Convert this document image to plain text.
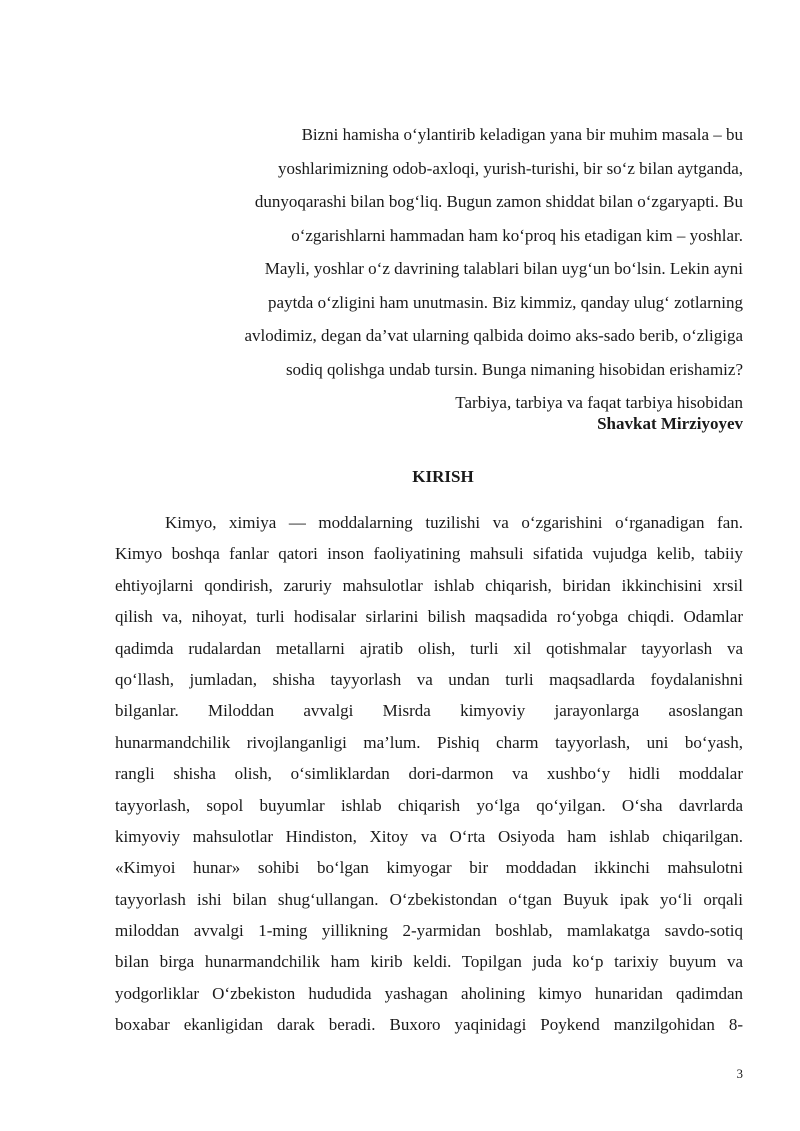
Bizni hamisha o‘ylantirib keladigan yana bir muhim masala – bu
yoshlarimizning odob-axloqi, yurish-turishi, bir so‘z bilan aytganda,
dunyoqarashi bilan bog‘liq. Bugun zamon shiddat bilan o‘zgaryapti. Bu
o‘zgarishlarni hammadan ham ko‘proq his etadigan kim – yoshlar.
Mayli, yoshlar o‘z davrining talablari bilan uyg‘un bo‘lsin. Lekin ayni
paytda o‘zligini ham unutmasin. Biz kimmiz, qanday ulug‘ zotlarning
avlodimiz, degan da’vat ularning qalbida doimo aks-sado berib, o‘zligiga
sodiq qolishga undab tursin. Bunga nimaning hisobidan erishamiz?
Tarbiya, tarbiya va faqat tarbiya hisobidan
Shavkat Mirziyoyev
KIRISH
Kimyo, ximiya — moddalarning tuzilishi va o‘zgarishini o‘rganadigan fan.
Kimyo boshqa fanlar qatori inson faoliyatining mahsuli sifatida vujudga kelib, tabiiy
ehtiyojlarni qondirish, zaruriy mahsulotlar ishlab chiqarish, biridan ikkinchisini xrsil
qilish va, nihoyat, turli hodisalar sirlarini bilish maqsadida ro‘yobga chiqdi. Odamlar
qadimda rudalardan metallarni ajratib olish, turli xil qotishmalar tayyorlash va
qo‘llash, jumladan, shisha tayyorlash va undan turli maqsadlarda foydalanishni
bilganlar. Miloddan avvalgi Misrda kimyoviy jarayonlarga asoslangan
hunarmandchilik rivojlanganligi ma’lum. Pishiq charm tayyorlash, uni bo‘yash,
rangli shisha olish, o‘simliklardan dori-darmon va xushbo‘y hidli moddalar
tayyorlash, sopol buyumlar ishlab chiqarish yo‘lga qo‘yilgan. O‘sha davrlarda
kimyoviy mahsulotlar Hindiston, Xitoy va O‘rta Osiyoda ham ishlab chiqarilgan.
«Kimyoi hunar» sohibi bo‘lgan kimyogar bir moddadan ikkinchi mahsulotni
tayyorlash ishi bilan shug‘ullangan. O‘zbekistondan o‘tgan Buyuk ipak yo‘li orqali
miloddan avvalgi 1-ming yillikning 2-yarmidan boshlab, mamlakatga savdo-sotiq
bilan birga hunarmandchilik ham kirib keldi. Topilgan juda ko‘p tarixiy buyum va
yodgorliklar O‘zbekiston hududida yashagan aholining kimyo hunaridan qadimdan
boxabar ekanligidan darak beradi. Buxoro yaqinidagi Poykend manzilgohidan 8-
3
